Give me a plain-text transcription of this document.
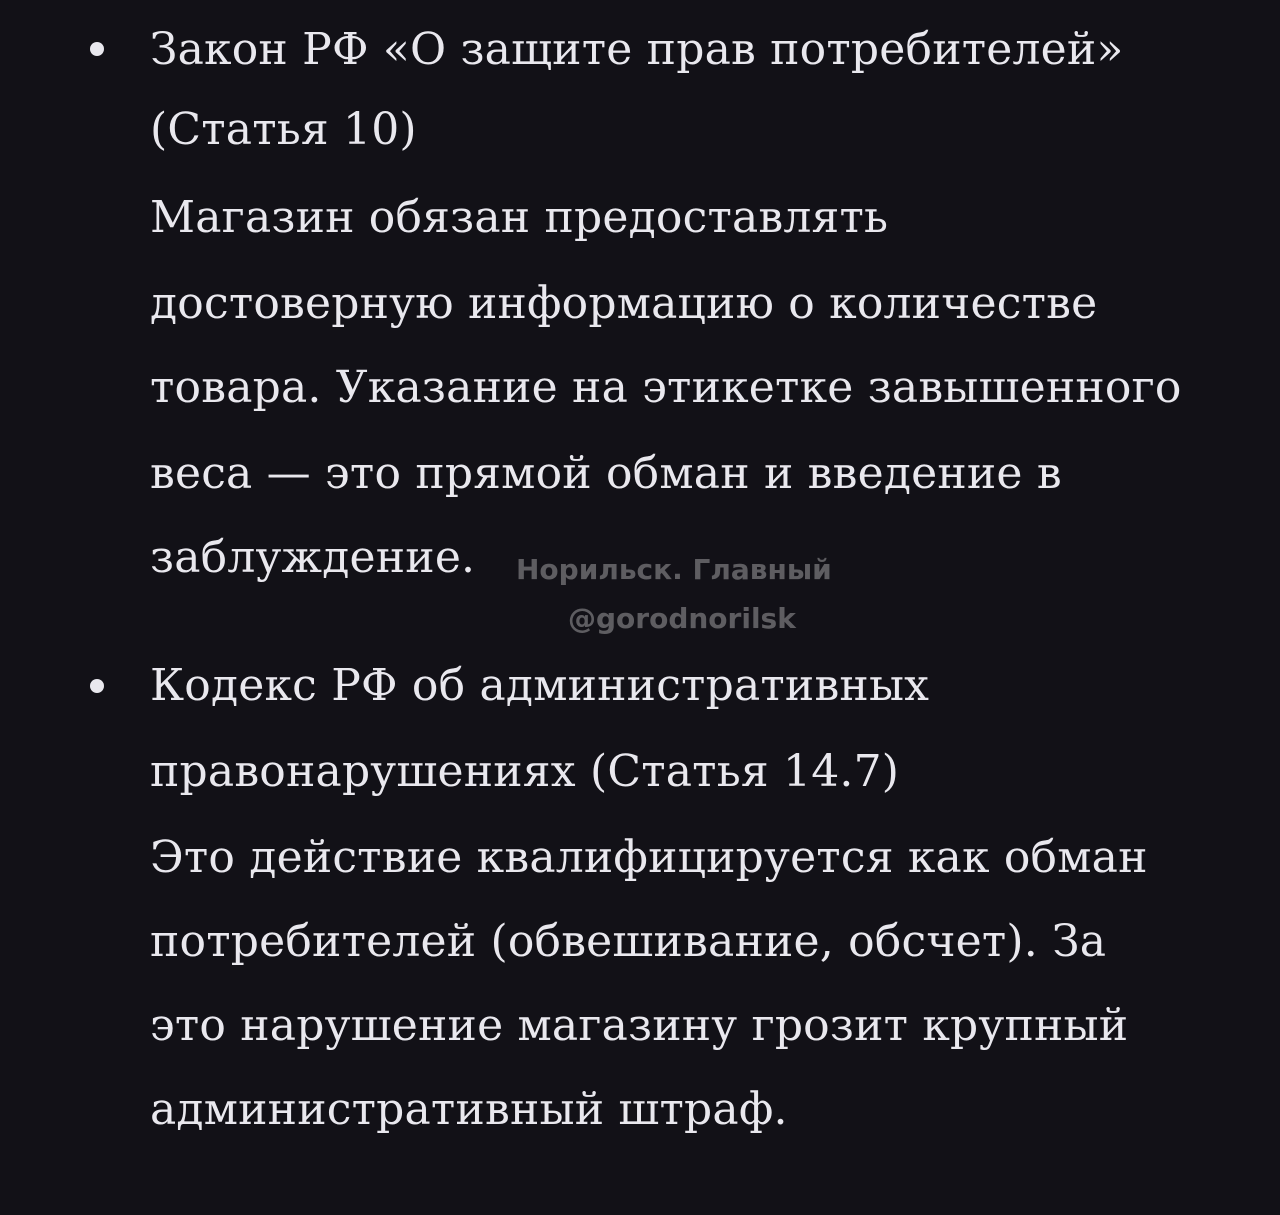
Закон РФ «О защите прав потребителей»
(Статья 10)
Магазин обязан предоставлять
достоверную информацию о количестве
товара. Указание на этикетке завышенного
веса — это прямой обман и введение в
заблуждение. Норильск. Главный
@gorodnorilsk
Кодекс РФ об административных
правонарушениях (Статья 14.7)
Это действие квалифицируется как обман
потребителей (обвешивание, обсчет). За
это нарушение магазину грозит крупный
административный штраф.
